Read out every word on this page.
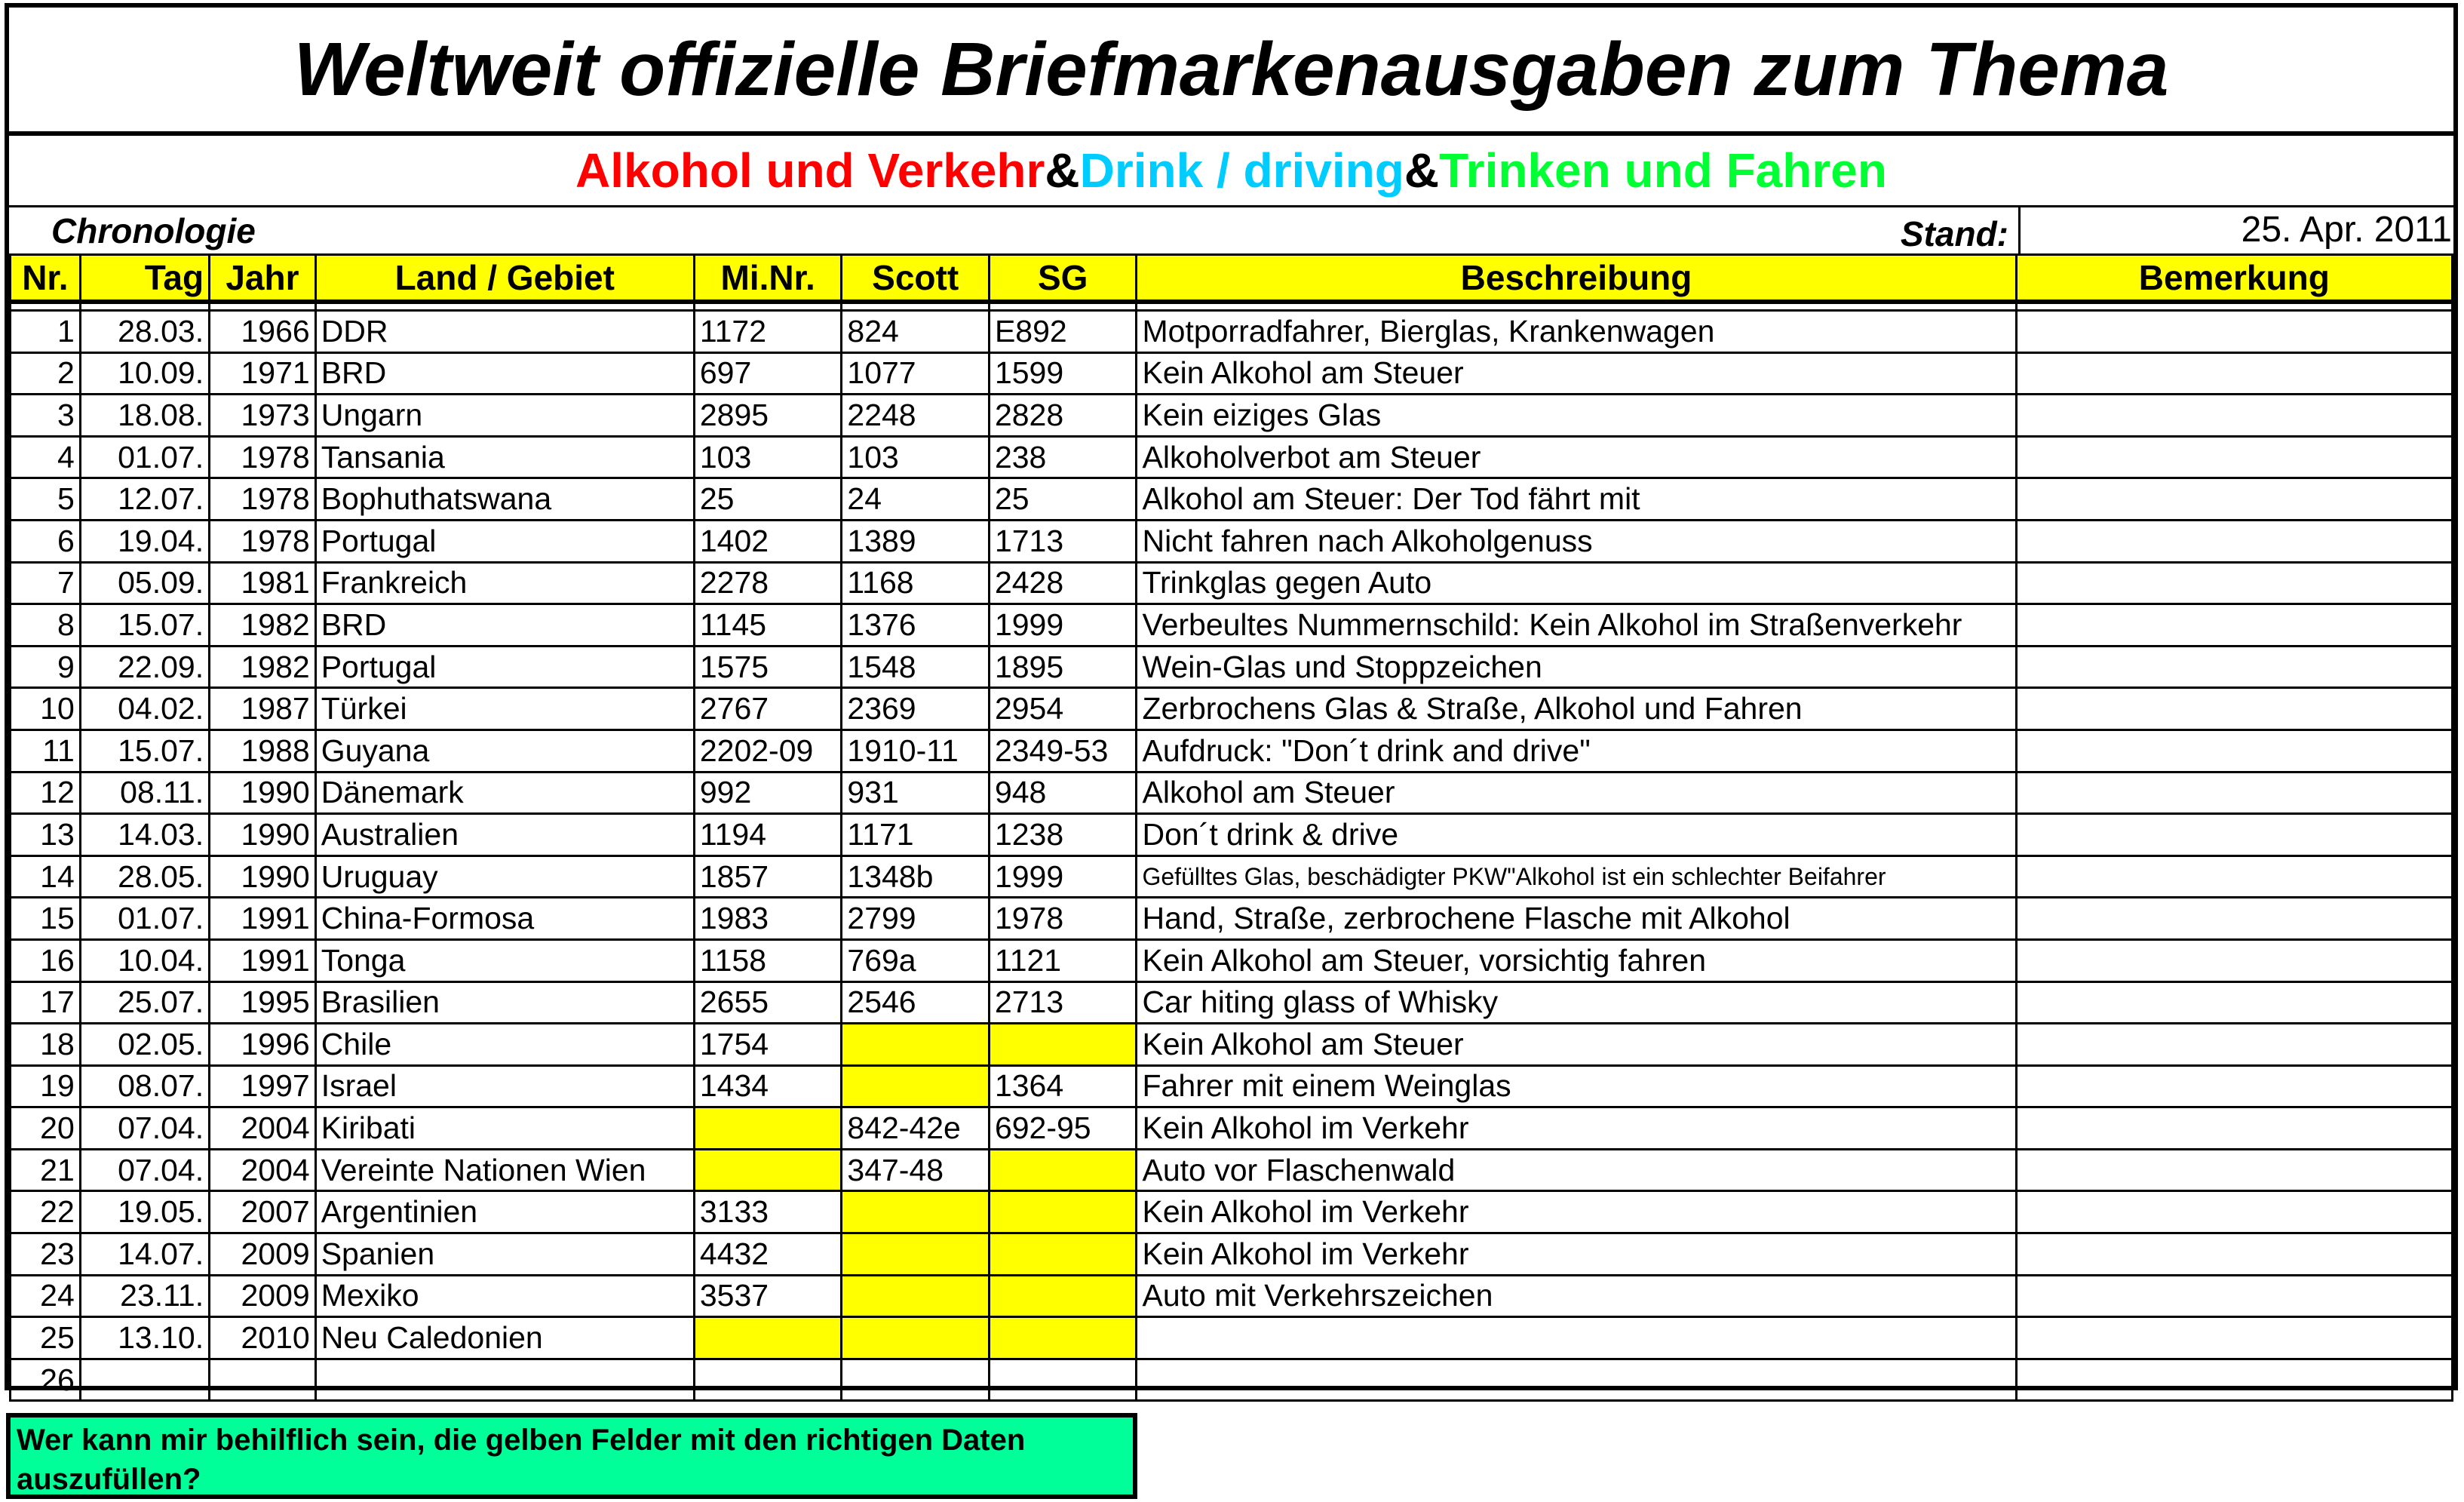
Weltweit offizielle Briefmarkenausgaben zum Thema
Alkohol und Verkehr & Drink / driving & Trinken und Fahren
Chronologie	Stand:	25. Apr. 2011
Nr.	Tag	Jahr	Land / Gebiet	Mi.Nr.	Scott	SG	Beschreibung	Bemerkung

1	28.03.	1966	DDR	1172	824	E892	Motporradfahrer, Bierglas, Krankenwagen	
2	10.09.	1971	BRD	697	1077	1599	Kein Alkohol am Steuer	
3	18.08.	1973	Ungarn	2895	2248	2828	Kein eiziges Glas	
4	01.07.	1978	Tansania	103	103	238	Alkoholverbot am Steuer	
5	12.07.	1978	Bophuthatswana	25	24	25	Alkohol am Steuer: Der Tod fährt mit	
6	19.04.	1978	Portugal	1402	1389	1713	Nicht fahren nach Alkoholgenuss	
7	05.09.	1981	Frankreich	2278	1168	2428	Trinkglas gegen Auto	
8	15.07.	1982	BRD	1145	1376	1999	Verbeultes Nummernschild: Kein Alkohol im Straßenverkehr	
9	22.09.	1982	Portugal	1575	1548	1895	Wein-Glas und Stoppzeichen	
10	04.02.	1987	Türkei	2767	2369	2954	Zerbrochens Glas & Straße, Alkohol und Fahren	
11	15.07.	1988	Guyana	2202-09	1910-11	2349-53	Aufdruck: "Don´t drink and drive"	
12	08.11.	1990	Dänemark	992	931	948	Alkohol am Steuer	
13	14.03.	1990	Australien	1194	1171	1238	Don´t drink & drive	
14	28.05.	1990	Uruguay	1857	1348b	1999	Gefülltes Glas, beschädigter PKW"Alkohol ist ein schlechter Beifahrer	
15	01.07.	1991	China-Formosa	1983	2799	1978	Hand, Straße, zerbrochene Flasche mit Alkohol	
16	10.04.	1991	Tonga	1158	769a	1121	Kein Alkohol am Steuer, vorsichtig fahren	
17	25.07.	1995	Brasilien	2655	2546	2713	Car hiting glass of Whisky	
18	02.05.	1996	Chile	1754			Kein Alkohol am Steuer	
19	08.07.	1997	Israel	1434		1364	Fahrer mit einem Weinglas	
20	07.04.	2004	Kiribati		842-42e	692-95	Kein Alkohol im Verkehr	
21	07.04.	2004	Vereinte Nationen Wien		347-48		Auto vor Flaschenwald	
22	19.05.	2007	Argentinien	3133			Kein Alkohol im Verkehr	
23	14.07.	2009	Spanien	4432			Kein Alkohol im Verkehr	
24	23.11.	2009	Mexiko	3537			Auto mit Verkehrszeichen	
25	13.10.	2010	Neu Caledonien					
26								
Wer kann mir behilflich sein, die gelben Felder mit den richtigen Daten auszufüllen?
